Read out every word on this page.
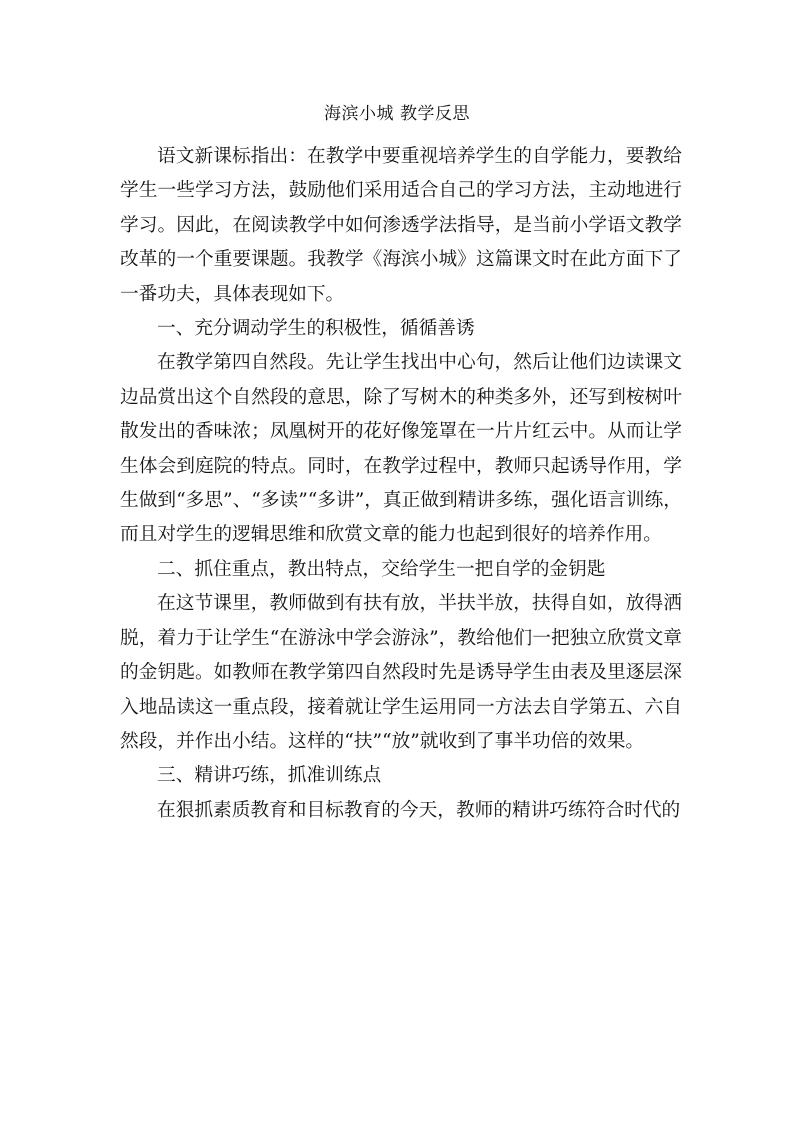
海滨小城 教学反思

语文新课标指出：在教学中要重视培养学生的自学能力，要教给学生一些学习方法，鼓励他们采用适合自己的学习方法，主动地进行学习。因此，在阅读教学中如何渗透学法指导，是当前小学语文教学改革的一个重要课题。我教学《海滨小城》这篇课文时在此方面下了一番功夫，具体表现如下。

一、充分调动学生的积极性，循循善诱

在教学第四自然段。先让学生找出中心句，然后让他们边读课文边品赏出这个自然段的意思，除了写树木的种类多外，还写到桉树叶散发出的香味浓；凤凰树开的花好像笼罩在一片片红云中。从而让学生体会到庭院的特点。同时，在教学过程中，教师只起诱导作用，学生做到“多思”、“多读”“多讲”，真正做到精讲多练，强化语言训练，而且对学生的逻辑思维和欣赏文章的能力也起到很好的培养作用。

二、抓住重点，教出特点，交给学生一把自学的金钥匙

在这节课里，教师做到有扶有放，半扶半放，扶得自如，放得洒脱，着力于让学生“在游泳中学会游泳”，教给他们一把独立欣赏文章的金钥匙。如教师在教学第四自然段时先是诱导学生由表及里逐层深入地品读这一重点段，接着就让学生运用同一方法去自学第五、六自然段，并作出小结。这样的“扶”“放”就收到了事半功倍的效果。

三、精讲巧练，抓准训练点

在狠抓素质教育和目标教育的今天，教师的精讲巧练符合时代的
